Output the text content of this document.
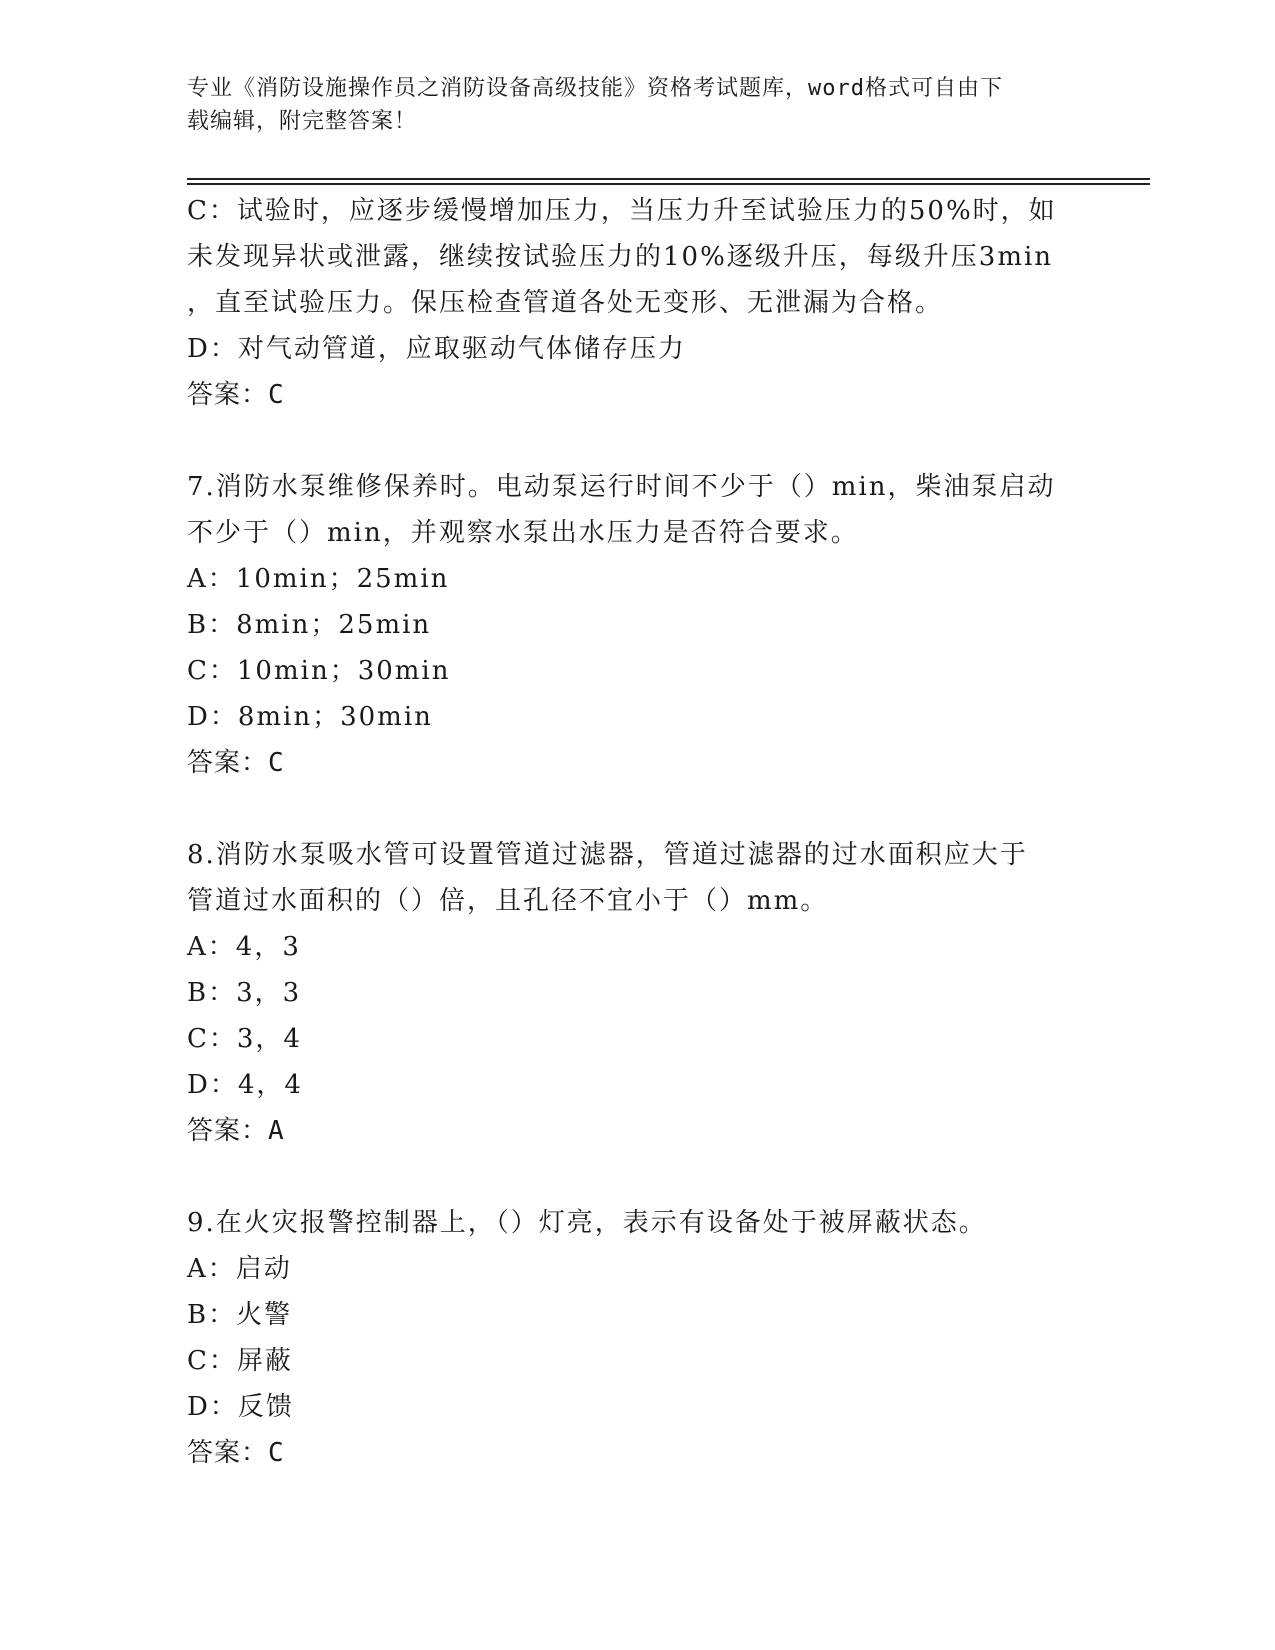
专业《消防设施操作员之消防设备高级技能》资格考试题库，word格式可自由下
载编辑，附完整答案！
C：试验时，应逐步缓慢增加压力，当压力升至试验压力的50%时，如
未发现异状或泄露，继续按试验压力的10%逐级升压，每级升压3min
，直至试验压力。保压检查管道各处无变形、无泄漏为合格。
D：对气动管道，应取驱动气体储存压力
答案：C
7.消防水泵维修保养时。电动泵运行时间不少于（）min，柴油泵启动
不少于（）min，并观察水泵出水压力是否符合要求。
A：10min；25min
B：8min；25min
C：10min；30min
D：8min；30min
答案：C
8.消防水泵吸水管可设置管道过滤器，管道过滤器的过水面积应大于
管道过水面积的（）倍，且孔径不宜小于（）mm。
A：4，3
B：3，3
C：3，4
D：4，4
答案：A
9.在火灾报警控制器上，（）灯亮，表示有设备处于被屏蔽状态。
A：启动
B：火警
C：屏蔽
D：反馈
答案：C
